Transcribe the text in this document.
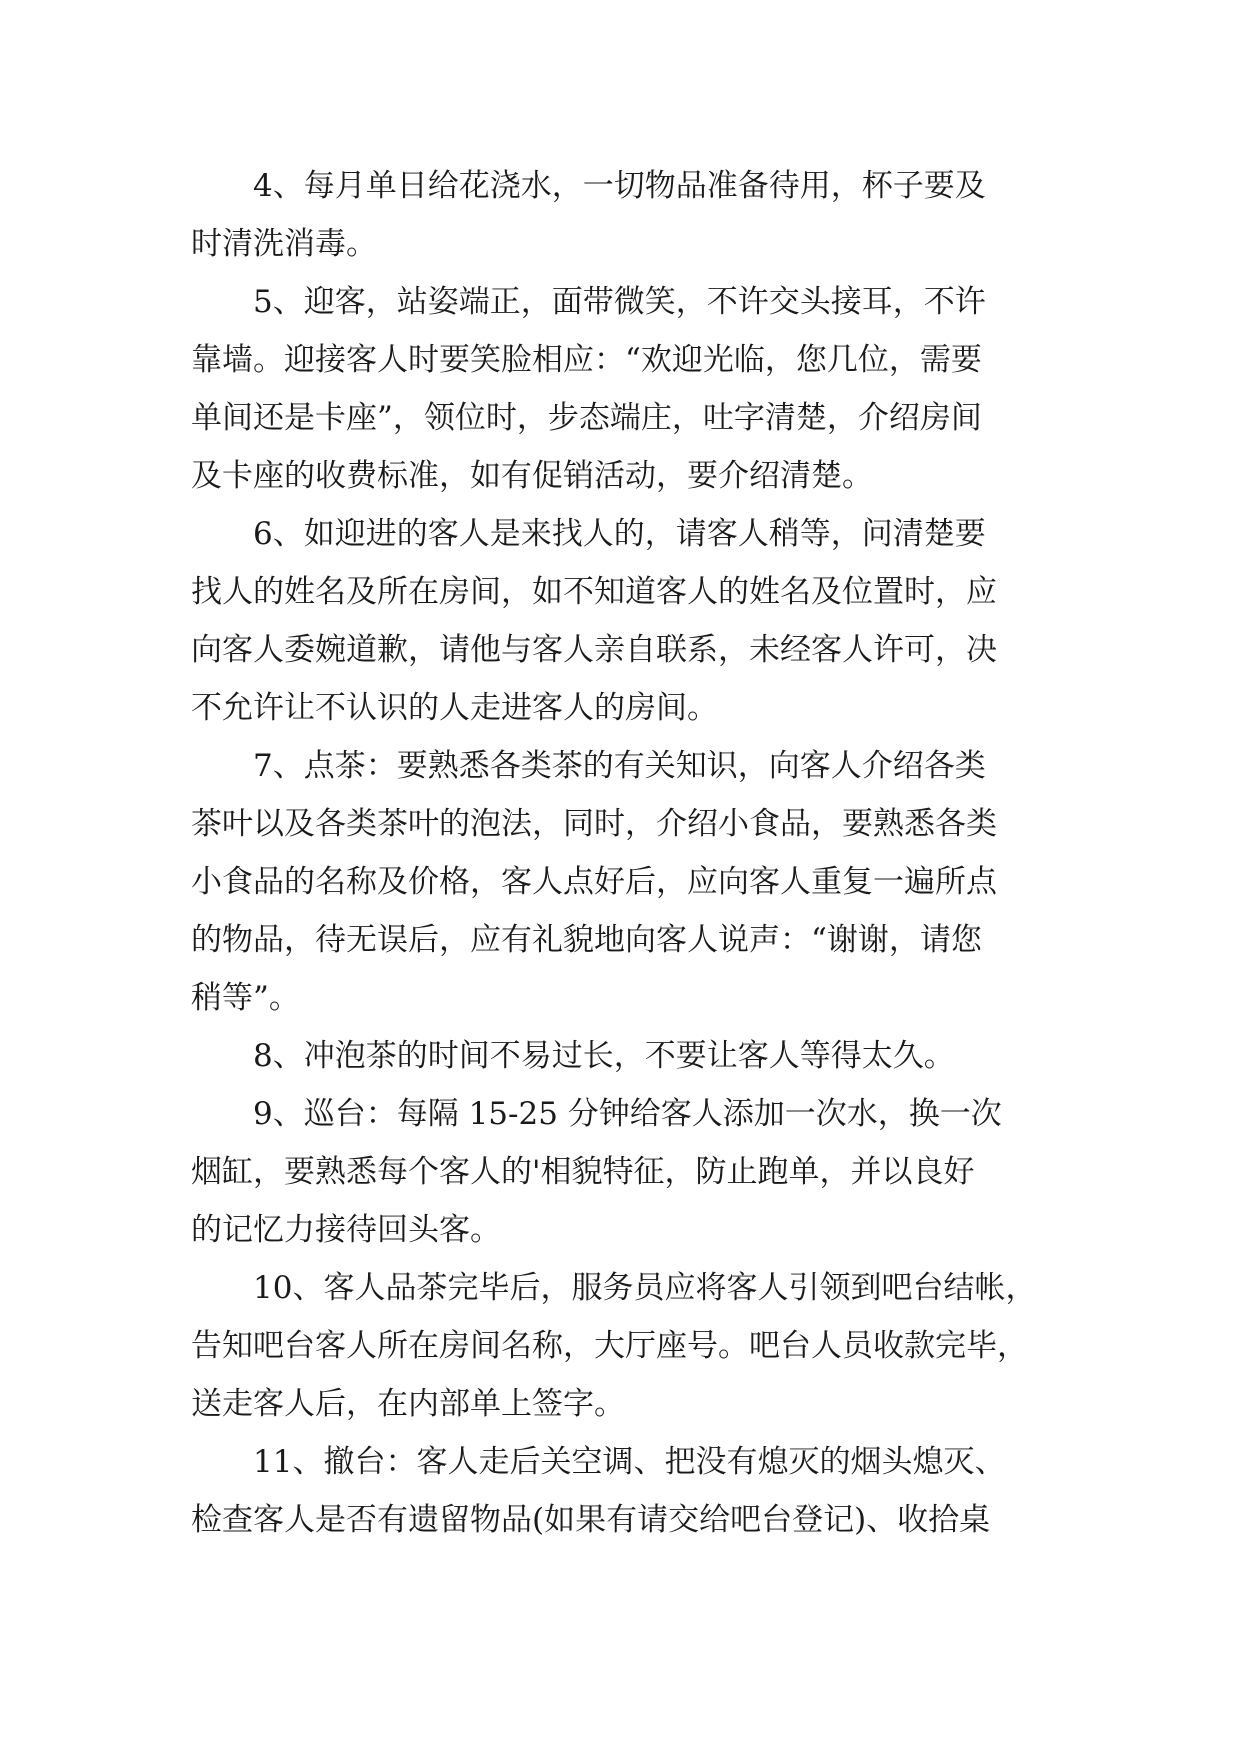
4、每月单日给花浇水，一切物品准备待用，杯子要及
时清洗消毒。
5、迎客，站姿端正，面带微笑，不许交头接耳，不许
靠墙。迎接客人时要笑脸相应：“欢迎光临，您几位，需要
单间还是卡座”，领位时，步态端庄，吐字清楚，介绍房间
及卡座的收费标准，如有促销活动，要介绍清楚。
6、如迎进的客人是来找人的，请客人稍等，问清楚要
找人的姓名及所在房间，如不知道客人的姓名及位置时，应
向客人委婉道歉，请他与客人亲自联系，未经客人许可，决
不允许让不认识的人走进客人的房间。
7、点茶：要熟悉各类茶的有关知识，向客人介绍各类
茶叶以及各类茶叶的泡法，同时，介绍小食品，要熟悉各类
小食品的名称及价格，客人点好后，应向客人重复一遍所点
的物品，待无误后，应有礼貌地向客人说声：“谢谢，请您
稍等”。
8、冲泡茶的时间不易过长，不要让客人等得太久。
9、巡台：每隔 15-25 分钟给客人添加一次水，换一次
烟缸，要熟悉每个客人的'相貌特征，防止跑单，并以良好
的记忆力接待回头客。
10、客人品茶完毕后，服务员应将客人引领到吧台结帐，
告知吧台客人所在房间名称，大厅座号。吧台人员收款完毕，
送走客人后，在内部单上签字。
11、撤台：客人走后关空调、把没有熄灭的烟头熄灭、
检查客人是否有遗留物品(如果有请交给吧台登记)、收拾桌
